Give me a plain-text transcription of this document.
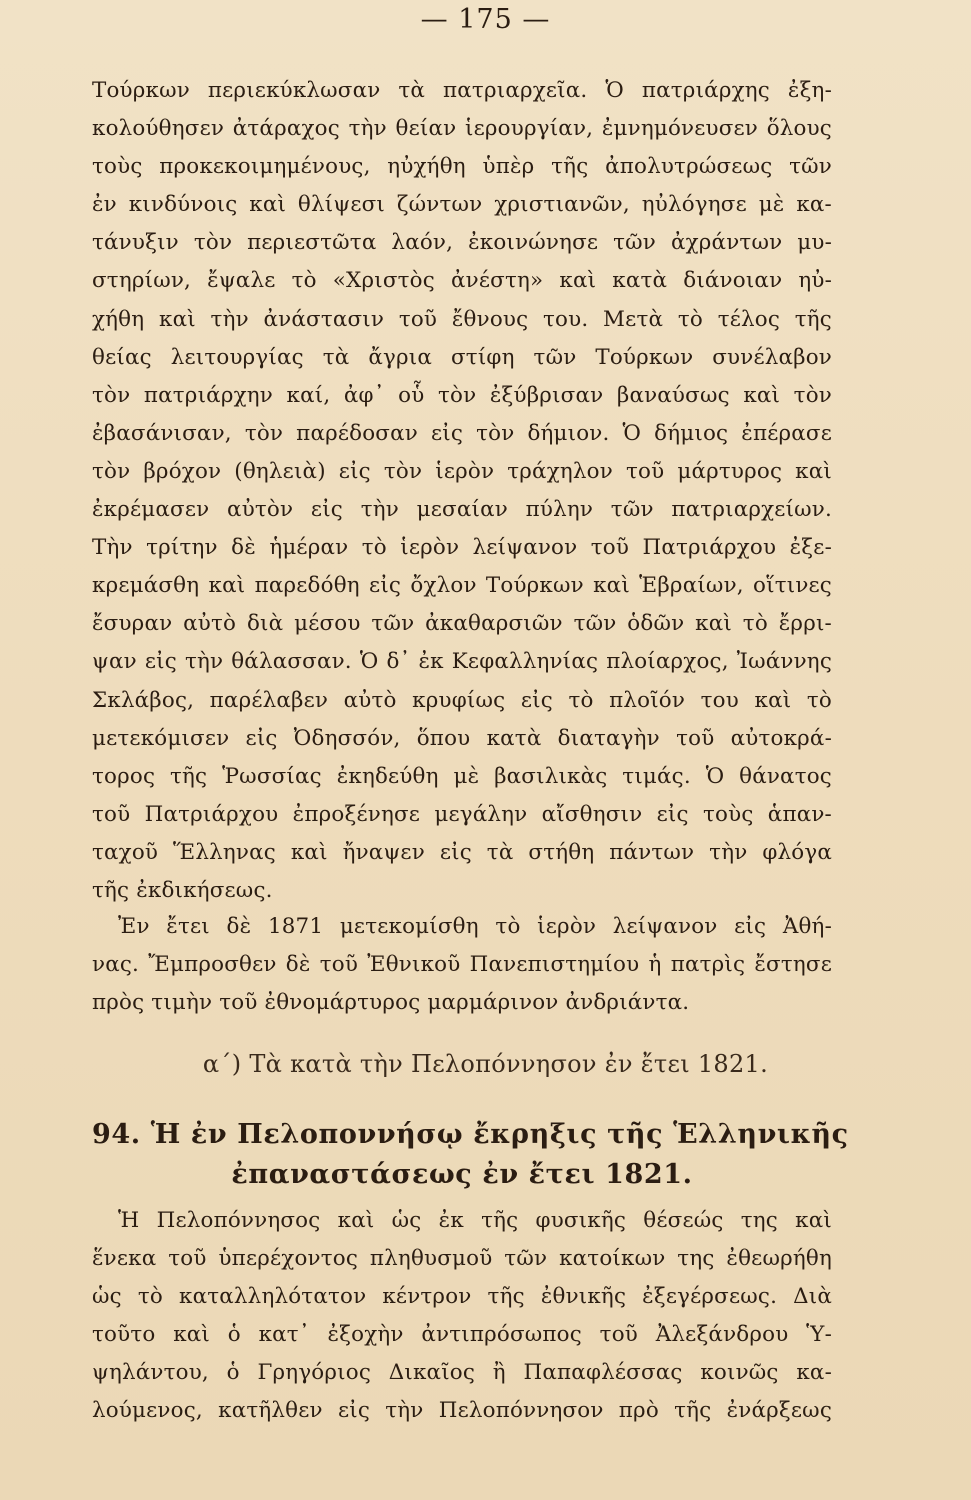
— 175 —
Τούρκων περιεκύκλωσαν τὰ πατριαρχεῖα. Ὁ πατριάρχης ἐξη-
κολούθησεν ἀτάραχος τὴν θείαν ἱερουργίαν, ἐμνημόνευσεν ὅλους
τοὺς προκεκοιμημένους, ηὐχήθη ὑπὲρ τῆς ἀπολυτρώσεως τῶν
ἐν κινδύνοις καὶ θλίψεσι ζώντων χριστιανῶν, ηὐλόγησε μὲ κα-
τάνυξιν τὸν περιεστῶτα λαόν, ἐκοινώνησε τῶν ἀχράντων μυ-
στηρίων, ἔψαλε τὸ «Χριστὸς ἀνέστη» καὶ κατὰ διάνοιαν ηὐ-
χήθη καὶ τὴν ἀνάστασιν τοῦ ἔθνους του. Μετὰ τὸ τέλος τῆς
θείας λειτουργίας τὰ ἄγρια στίφη τῶν Τούρκων συνέλαβον
τὸν πατριάρχην καί, ἀφ᾽ οὗ τὸν ἐξύβρισαν βαναύσως καὶ τὸν
ἐβασάνισαν, τὸν παρέδοσαν εἰς τὸν δήμιον. Ὁ δήμιος ἐπέρασε
τὸν βρόχον (θηλειὰ) εἰς τὸν ἱερὸν τράχηλον τοῦ μάρτυρος καὶ
ἐκρέμασεν αὐτὸν εἰς τὴν μεσαίαν πύλην τῶν πατριαρχείων.
Τὴν τρίτην δὲ ἡμέραν τὸ ἱερὸν λείψανον τοῦ Πατριάρχου ἐξε-
κρεμάσθη καὶ παρεδόθη εἰς ὄχλον Τούρκων καὶ Ἑβραίων, οἵτινες
ἔσυραν αὐτὸ διὰ μέσου τῶν ἀκαθαρσιῶν τῶν ὁδῶν καὶ τὸ ἔρρι-
ψαν εἰς τὴν θάλασσαν. Ὁ δ᾽ ἐκ Κεφαλληνίας πλοίαρχος, Ἰωάννης
Σκλάβος, παρέλαβεν αὐτὸ κρυφίως εἰς τὸ πλοῖόν του καὶ τὸ
μετεκόμισεν εἰς Ὀδησσόν, ὅπου κατὰ διαταγὴν τοῦ αὐτοκρά-
τορος τῆς Ῥωσσίας ἐκηδεύθη μὲ βασιλικὰς τιμάς. Ὁ θάνατος
τοῦ Πατριάρχου ἐπροξένησε μεγάλην αἴσθησιν εἰς τοὺς ἁπαν-
ταχοῦ Ἕλληνας καὶ ἤναψεν εἰς τὰ στήθη πάντων τὴν φλόγα
τῆς ἐκδικήσεως.
Ἐν ἔτει δὲ 1871 μετεκομίσθη τὸ ἱερὸν λείψανον εἰς Ἀθή-
νας. Ἔμπροσθεν δὲ τοῦ Ἐθνικοῦ Πανεπιστημίου ἡ πατρὶς ἔστησε
πρὸς τιμὴν τοῦ ἐθνομάρτυρος μαρμάρινον ἀνδριάντα.
α΄) Τὰ κατὰ τὴν Πελοπόννησον ἐν ἔτει 1821.
94. Ἡ ἐν Πελοποννήσῳ ἔκρηξις τῆς Ἑλληνικῆς
ἐπαναστάσεως ἐν ἔτει 1821.
Ἡ Πελοπόννησος καὶ ὡς ἐκ τῆς φυσικῆς θέσεώς της καὶ
ἕνεκα τοῦ ὑπερέχοντος πληθυσμοῦ τῶν κατοίκων της ἐθεωρήθη
ὡς τὸ καταλληλότατον κέντρον τῆς ἐθνικῆς ἐξεγέρσεως. Διὰ
τοῦτο καὶ ὁ κατ᾽ ἐξοχὴν ἀντιπρόσωπος τοῦ Ἀλεξάνδρου Ὑ-
ψηλάντου, ὁ Γρηγόριος Δικαῖος ἢ Παπαφλέσσας κοινῶς κα-
λούμενος, κατῆλθεν εἰς τὴν Πελοπόννησον πρὸ τῆς ἐνάρξεως
